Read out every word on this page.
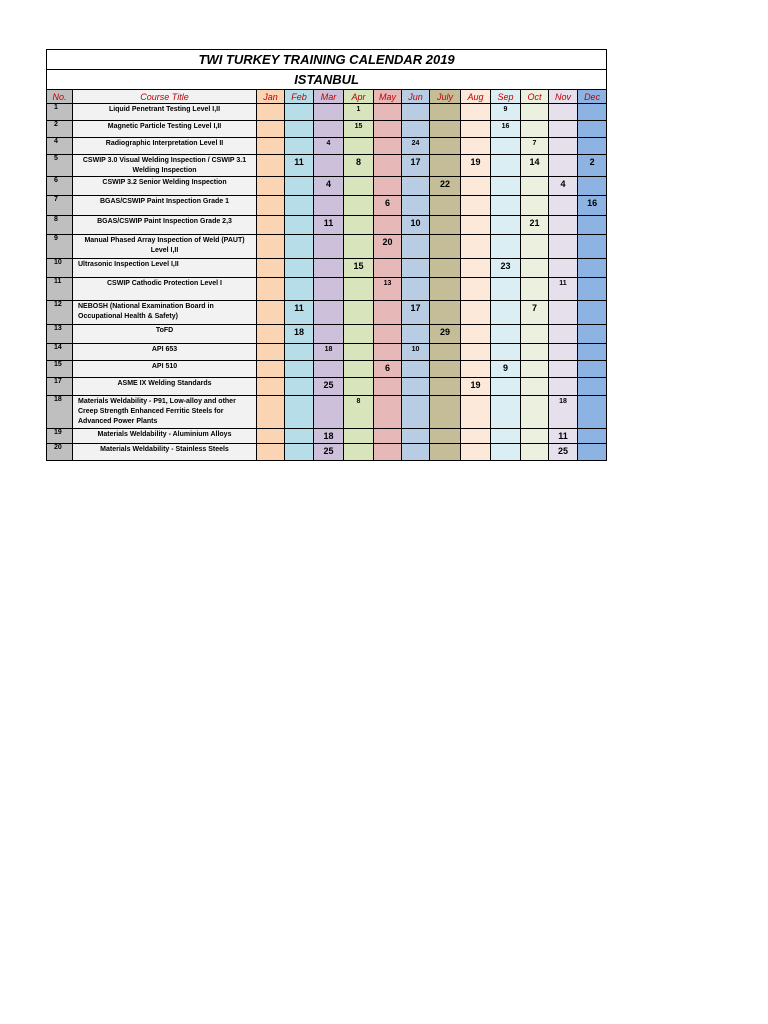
TWI TURKEY TRAINING CALENDAR 2019													
ISTANBUL													
No.	Course Title	Jan	Feb	Mar	Apr	May	Jun	July	Aug	Sep	Oct	Nov	Dec
1	Liquid Penetrant Testing Level I,II				1					9			

2	Magnetic Particle Testing Level I,II				15					16			

4	Radiographic Interpretation Level II			4			24				7		

5	CSWIP 3.0 Visual Welding Inspection / CSWIP 3.1 Welding Inspection		11		8		17		19		14		2

6	CSWIP 3.2 Senior Welding Inspection			4				22				4	

7	BGAS/CSWIP Paint Inspection Grade 1					6							16

8	BGAS/CSWIP Paint Inspection Grade 2,3			11			10				21		

9	Manual Phased Array Inspection of Weld (PAUT) Level I,II					20							

10	Ultrasonic Inspection Level I,II				15					23			

11	CSWIP Cathodic Protection Level I					13						11	

12	NEBOSH (National Examination Board in Occupational Health & Safety)		11				17				7		

13	ToFD		18					29					

14	API 653			18			10						

15	API 510					6				9			

17	ASME IX Welding Standards			25					19				

18	Materials Weldability - P91, Low-alloy and other Creep Strength Enhanced Ferritic Steels for Advanced Power Plants				8							18	

19	Materials Weldability - Aluminium Alloys			18								11	

20	Materials Weldability - Stainless Steels			25								25	
